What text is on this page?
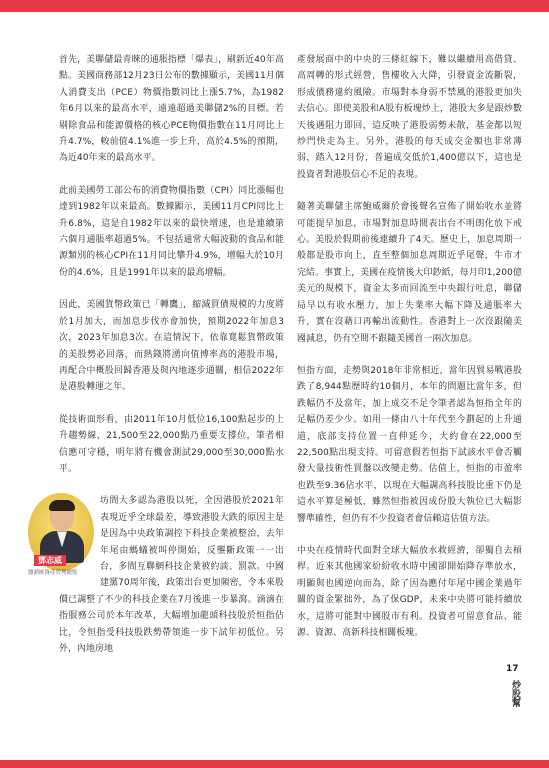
首先，美聯儲最青睞的通脹指標「爆表」，刷新近40年高點。美國商務部12月23日公布的數據顯示，美國11月個人消費支出（PCE）物價指數同比上漲5.7%，為1982年6月以來的最高水平，遠遠超過美聯儲2%的目標。若剔除食品和能源價格的核心PCE物價指數在11月同比上升4.7%，較前值4.1%進一步上升，高於4.5%的預期，為近40年來的最高水平。

此前美國勞工部公布的消費物價指數（CPI）同比漲幅也達到1982年以來最高。數據顯示，美國11月CPI同比上升6.8%，這是自1982年以來的最快增速，也是連續第六個月通脹率超過5%。不包括通常大幅波動的食品和能源類別的核心CPI在11月同比攀升4.9%，增幅大於10月份的4.6%，且是1991年以來的最高增幅。

因此，美國貨幣政策已「轉鷹」，縮減買債規模的力度將於1月加大，而加息步伐亦會加快，預期2022年加息3次，2023年加息3次。在這情況下，依靠寬鬆貨幣政策的美股勢必回落，而熱錢將湧向值博率高的港股市場，再配合中概股回歸香港及與內地逐步通關，相信2022年是港股轉運之年。

從技術面形看，由2011年10月低位16,100點起步的上升趨勢線，21,500至22,000點乃重要支撐位，筆者相信應可守穩，明年將有機會測試29,000至30,000點水平。

鄧志威
囍鼎匯資產管理總監

坊間大多認為港股以死，全因港股於2021年表現近乎全球最差，導致港股大跌的原因主是是因為中央政策調控下科技企業被整治，去年年尾由螞蟻被叫停開始，反壟斷政策一一出台，多間互聯網科技企業被約談、罰款。中國建黨70周年後，政策出台更加頻密，令本來股價已調整了不少的科技企業在7月後進一步暴瀉。滴滴在指服務公司於本年改革，大幅增加龍頭科技股於恒指佔比，令恒指受科技股跌勢帶領進一步下試年初低位。另外，內地房地

產發展商中的中央的三條紅線下，難以繼續用高借貸、高周轉的形式經營，售樓收入大降，引發資金流斷裂，形成債務違約風險。市場對本身弱不禁風的港股更加失去信心。即使美股和A股有板塊炒上，港股大多是跟炒數天後遇阻力即回，這反映了港股弱勢未散，基金都以短炒門快走為主。另外，港股的每天成交金額也非常薄弱，踏入12月份，普遍成交低於1,400億以下，這也是投資者對港股信心不足的表現。

隨著美聯儲主席鮑威爾於會後聲名宣佈了開始收水並將可能提早加息，市場對加息時間表出台不明朗化放下戒心。美股於假期前後連續升了4天。歷史上，加息周期一般都是股市向上，直至整個加息周期近乎尾聲，牛市才完結。事實上，美國在疫情後大印鈔紙，每月印1,200億美元的規模下，資金太多而回流至中央銀行吐息，聯儲局早以有收水壓力，加上失業率大幅下降及通脹率大升，實在沒藉口再輸出流動性。香港對上一次沒跟隨美國減息，仍有空間不跟隨美國首一兩次加息。

恒指方面，走勢與2018年非常相近，當年因貿易戰港股跌了8,944點歷時約10個月，本年的問題比當年多，但跌幅仍不及當年，加上成交不足令筆者認為恒指全年的足幅仍差少少。如用一條由八十年代至今劃起的上升通道，底部支持位置一直伸延今，大約會在22,000至22,500點出現支持。可留意假若恒指下試該水平會否觸發大量技術性買盤以改變走勢。估值上，恒指的市盈率也跌至9.36佔水平，以現在大幅調高科技股比重下仍是這水平算是極低，雖然恒指被因成份股大執位已大幅影響準確性，但仍有不少投資者會信賴這估值方法。

中央在疫情時代面對全球大幅放水救經濟，卻獨自去槓桿。近來其他國家紛紛收水時中國卻開始降存準放水，明顯與也國逆向而為，除了因為應付年尾中國企業過年關的資金緊拙外，為了保GDP，未來中央將可能持續放水，這將可能對中國股市有利。投資者可留意食品、能源、資源、高新科技相關板塊。

17
炒股幫
